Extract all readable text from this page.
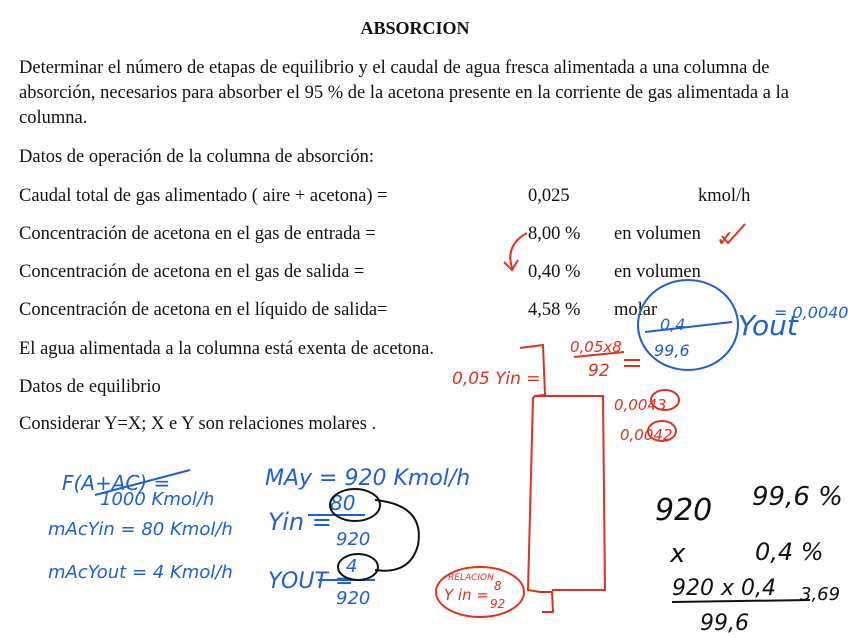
ABSORCION
Determinar el número de etapas de equilibrio y el caudal de agua fresca alimentada a una columna de absorción, necesarios para absorber el 95 % de la acetona presente en la corriente de gas alimentada a la columna.
Datos de operación de la columna de absorción:
Caudal total de gas alimentado ( aire + acetona) =	0,025	kmol/h
Concentración de acetona en el gas de entrada =	8,00 % en volumen
Concentración de acetona en el gas de salida =	0,40 % en volumen
Concentración de acetona en el líquido de salida=	4,58 % molar
El agua alimentada a la columna está exenta de acetona.
Datos de equilibrio
Considerar Y=X; X e Y son relaciones molares .
0,05 Yin =
0,05x8
92
0,0043
0,0042
RELACION
Y in = 8
92
F(A+AC) =
1000 Kmol/h
mAcYin = 80 Kmol/h
mAcYout = 4 Kmol/h
MAy = 920 Kmol/h
Yin =
80
920
YOUT =
4
920
0,4
99,6
Yout
= 0,0040
920 99,6 %
x	0,4 %
920 x 0,4
99,6
3,69
✓
